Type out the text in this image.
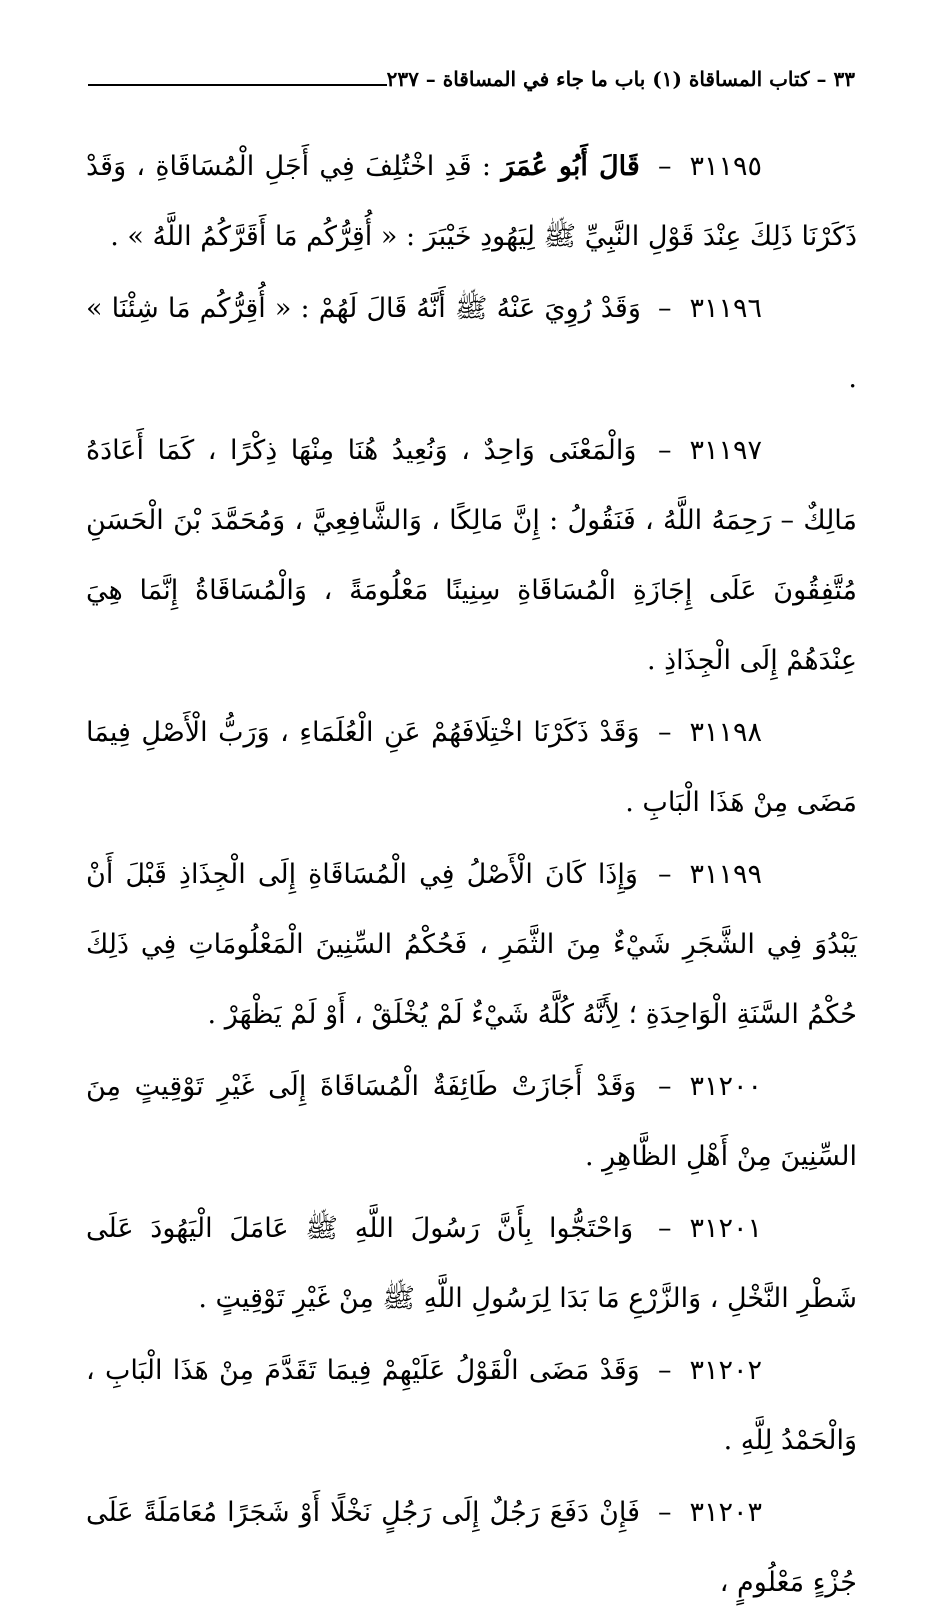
٣٣ – كتاب المساقاة (١) باب ما جاء في المساقاة – ٢٣٧

٣١١٩٥– قَالَ أَبُو عُمَرَ : قَدِ اخْتُلِفَ فِي أَجَلِ الْمُسَاقَاةِ ، وَقَدْ ذَكَرْنَا ذَلِكَ عِنْدَ قَوْلِ النَّبِيِّ ﷺ لِيَهُودِ خَيْبَرَ : « أُقِرُّكُم مَا أَقَرَّكُمُ اللَّهُ » .

٣١١٩٦– وَقَدْ رُوِيَ عَنْهُ ﷺ أَنَّهُ قَالَ لَهُمْ : « أُقِرُّكُم مَا شِئْنَا » .

٣١١٩٧– وَالْمَعْنَى وَاحِدٌ ، وَنُعِيدُ هُنَا مِنْهَا ذِكْرًا ، كَمَا أَعَادَهُ مَالِكٌ – رَحِمَهُ اللَّهُ ، فَنَقُولُ : إِنَّ مَالِكًا ، وَالشَّافِعِيَّ ، وَمُحَمَّدَ بْنَ الْحَسَنِ مُتَّفِقُونَ عَلَى إِجَازَةِ الْمُسَاقَاةِ سِنِينًا مَعْلُومَةً ، وَالْمُسَاقَاةُ إِنَّمَا هِيَ عِنْدَهُمْ إِلَى الْجِذَاذِ .

٣١١٩٨– وَقَدْ ذَكَرْنَا اخْتِلَافَهُمْ عَنِ الْعُلَمَاءِ ، وَرَبُّ الْأَصْلِ فِيمَا مَضَى مِنْ هَذَا الْبَابِ .

٣١١٩٩– وَإِذَا كَانَ الْأَصْلُ فِي الْمُسَاقَاةِ إِلَى الْجِذَاذِ قَبْلَ أَنْ يَبْدُوَ فِي الشَّجَرِ شَيْءٌ مِنَ الثَّمَرِ ، فَحُكْمُ السِّنِينَ الْمَعْلُومَاتِ فِي ذَلِكَ حُكْمُ السَّنَةِ الْوَاحِدَةِ ؛ لِأَنَّهُ كُلَّهُ شَيْءٌ لَمْ يُخْلَقْ ، أَوْ لَمْ يَظْهَرْ .

٣١٢٠٠– وَقَدْ أَجَازَتْ طَائِفَةٌ الْمُسَاقَاةَ إِلَى غَيْرِ تَوْقِيتٍ مِنَ السِّنِينَ مِنْ أَهْلِ الظَّاهِرِ .

٣١٢٠١– وَاحْتَجُّوا بِأَنَّ رَسُولَ اللَّهِ ﷺ عَامَلَ الْيَهُودَ عَلَى شَطْرِ النَّخْلِ ، وَالزَّرْعِ مَا بَدَا لِرَسُولِ اللَّهِ ﷺ مِنْ غَيْرِ تَوْقِيتٍ .

٣١٢٠٢– وَقَدْ مَضَى الْقَوْلُ عَلَيْهِمْ فِيمَا تَقَدَّمَ مِنْ هَذَا الْبَابِ ، وَالْحَمْدُ لِلَّهِ .

٣١٢٠٣– فَإِنْ دَفَعَ رَجُلٌ إِلَى رَجُلٍ نَخْلًا أَوْ شَجَرًا مُعَامَلَةً عَلَى جُزْءٍ مَعْلُومٍ ،
